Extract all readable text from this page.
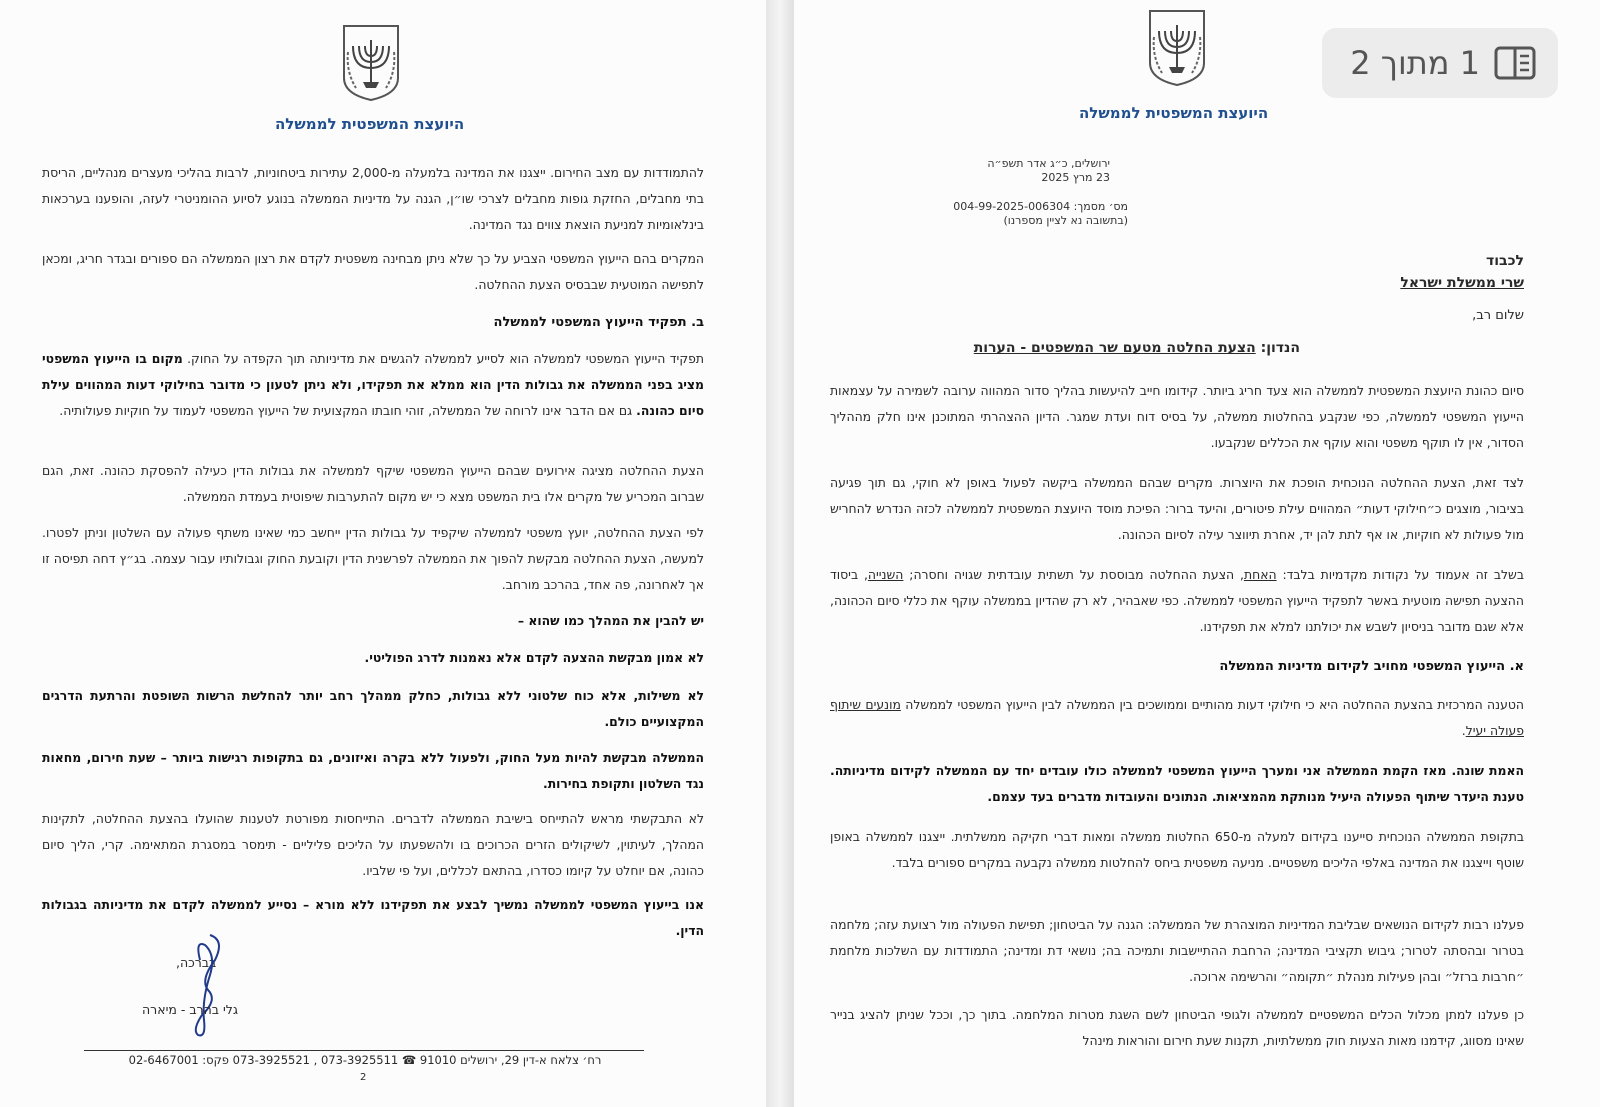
היועצת המשפטית לממשלה
להתמודדות עם מצב החירום. ייצגנו את המדינה בלמעלה מ-2,000 עתירות ביטחוניות, לרבות בהליכי מעצרים מנהליים, הריסת בתי מחבלים, החזקת גופות מחבלים לצרכי שו״ן, הגנה על מדיניות הממשלה בנוגע לסיוע ההומניטרי לעזה, והופענו בערכאות בינלאומיות למניעת הוצאת צווים נגד המדינה.
המקרים בהם הייעוץ המשפטי הצביע על כך שלא ניתן מבחינה משפטית לקדם את רצון הממשלה הם ספורים ובגדר חריג, ומכאן לתפישה המוטעית שבבסיס הצעת ההחלטה.
ב. תפקיד הייעוץ המשפטי לממשלה
תפקיד הייעוץ המשפטי לממשלה הוא לסייע לממשלה להגשים את מדיניותה תוך הקפדה על החוק. מקום בו הייעוץ המשפטי מציג בפני הממשלה את גבולות הדין הוא ממלא את תפקידו, ולא ניתן לטעון כי מדובר בחילוקי דעות המהווים עילת סיום כהונה. גם אם הדבר אינו לרוחה של הממשלה, זוהי חובתו המקצועית של הייעוץ המשפטי לעמוד על חוקיות פעולותיה.
הצעת ההחלטה מציגה אירועים שבהם הייעוץ המשפטי שיקף לממשלה את גבולות הדין כעילה להפסקת כהונה. זאת, הגם שברוב המכריע של מקרים אלו בית המשפט מצא כי יש מקום להתערבות שיפוטית בעמדת הממשלה.
לפי הצעת ההחלטה, יועץ משפטי לממשלה שיקפיד על גבולות הדין ייחשב כמי שאינו משתף פעולה עם השלטון וניתן לפטרו. למעשה, הצעת ההחלטה מבקשת להפוך את הממשלה לפרשנית הדין וקובעת החוק וגבולותיו עבור עצמה. בג״ץ דחה תפיסה זו אך לאחרונה, פה אחד, בהרכב מורחב.
יש להבין את המהלך כמו שהוא –
לא אמון מבקשת ההצעה לקדם אלא נאמנות לדרג הפוליטי.
לא משילות, אלא כוח שלטוני ללא גבולות, כחלק ממהלך רחב יותר להחלשת הרשות השופטת והרתעת הדרגים המקצועיים כולם.
הממשלה מבקשת להיות מעל החוק, ולפעול ללא בקרה ואיזונים, גם בתקופות רגישות ביותר – שעת חירום, מחאות נגד השלטון ותקופת בחירות.
לא התבקשתי מראש להתייחס בישיבת הממשלה לדברים. התייחסות מפורטת לטענות שהועלו בהצעת ההחלטה, לתקינות המהלך, לעיתוין, לשיקולים הזרים הכרוכים בו ולהשפעתו על הליכים פליליים - תימסר במסגרת המתאימה. קרי, הליך סיום כהונה, אם יוחלט על קיומו כסדרו, בהתאם לכללים, ועל פי שלביו.
אנו בייעוץ המשפטי לממשלה נמשיך לבצע את תפקידנו ללא מורא – נסייע לממשלה לקדם את מדיניותה בגבולות הדין.
בברכה,
גלי בהרב - מיארה
רח׳ צלאח א-דין 29, ירושלים 91010 ☎ 073-3925511 , 073-3925521 פקס: 02-6467001
2
היועצת המשפטית לממשלה
ירושלים, כ״ג אדר תשפ״ה
23 מרץ 2025
מס׳ מסמך: 004-99-2025-006304
(בתשובה נא לציין מספרנו)
לכבוד
שרי ממשלת ישראל
שלום רב,
הנדון: הצעת החלטה מטעם שר המשפטים - הערות
סיום כהונת היועצת המשפטית לממשלה הוא צעד חריג ביותר. קידומו חייב להיעשות בהליך סדור המהווה ערובה לשמירה על עצמאות הייעוץ המשפטי לממשלה, כפי שנקבע בהחלטות ממשלה, על בסיס דוח ועדת שמגר. הדיון ההצהרתי המתוכנן אינו חלק מההליך הסדור, אין לו תוקף משפטי והוא עוקף את הכללים שנקבעו.
לצד זאת, הצעת ההחלטה הנוכחית הופכת את היוצרות. מקרים שבהם הממשלה ביקשה לפעול באופן לא חוקי, גם תוך פגיעה בציבור, מוצגים כ״חילוקי דעות״ המהווים עילת פיטורים, והיעד ברור: הפיכת מוסד היועצת המשפטית לממשלה לכזה הנדרש להחריש מול פעולות לא חוקיות, או אף לתת להן יד, אחרת תיווצר עילה לסיום הכהונה.
בשלב זה אעמוד על נקודות מקדמיות בלבד: האחת, הצעת ההחלטה מבוססת על תשתית עובדתית שגויה וחסרה; השנייה, ביסוד ההצעה תפישה מוטעית באשר לתפקיד הייעוץ המשפטי לממשלה. כפי שאבהיר, לא רק שהדיון בממשלה עוקף את כללי סיום הכהונה, אלא שגם מדובר בניסיון לשבש את יכולתנו למלא את תפקידנו.
א. הייעוץ המשפטי מחויב לקידום מדיניות הממשלה
הטענה המרכזית בהצעת ההחלטה היא כי חילוקי דעות מהותיים וממושכים בין הממשלה לבין הייעוץ המשפטי לממשלה מונעים שיתוף פעולה יעיל.
האמת שונה. מאז הקמת הממשלה אני ומערך הייעוץ המשפטי לממשלה כולו עובדים יחד עם הממשלה לקידום מדיניותה. טענת היעדר שיתוף הפעולה היעיל מנותקת מהמציאות. הנתונים והעובדות מדברים בעד עצמם.
בתקופת הממשלה הנוכחית סייענו בקידום למעלה מ-650 החלטות ממשלה ומאות דברי חקיקה ממשלתית. ייצגנו לממשלה באופן שוטף וייצגנו את המדינה באלפי הליכים משפטיים. מניעה משפטית ביחס להחלטות ממשלה נקבעה במקרים ספורים בלבד.
פעלנו רבות לקידום הנושאים שבליבת המדיניות המוצהרת של הממשלה: הגנה על הביטחון; תפישת הפעולה מול רצועת עזה; מלחמה בטרור ובהסתה לטרור; גיבוש תקציבי המדינה; הרחבת ההתיישבות ותמיכה בה; נושאי דת ומדינה; התמודדות עם השלכות מלחמת ״חרבות ברזל״ ובהן פעילות מנהלת ״תקומה״ והרשימה ארוכה.
כן פעלנו למתן מכלול הכלים המשפטיים לממשלה ולגופי הביטחון לשם השגת מטרות המלחמה. בתוך כך, וככל שניתן להציג בנייר שאינו מסווג, קידמנו מאות הצעות חוק ממשלתיות, תקנות שעת חירום והוראות מינהל
1 מתוך 2
